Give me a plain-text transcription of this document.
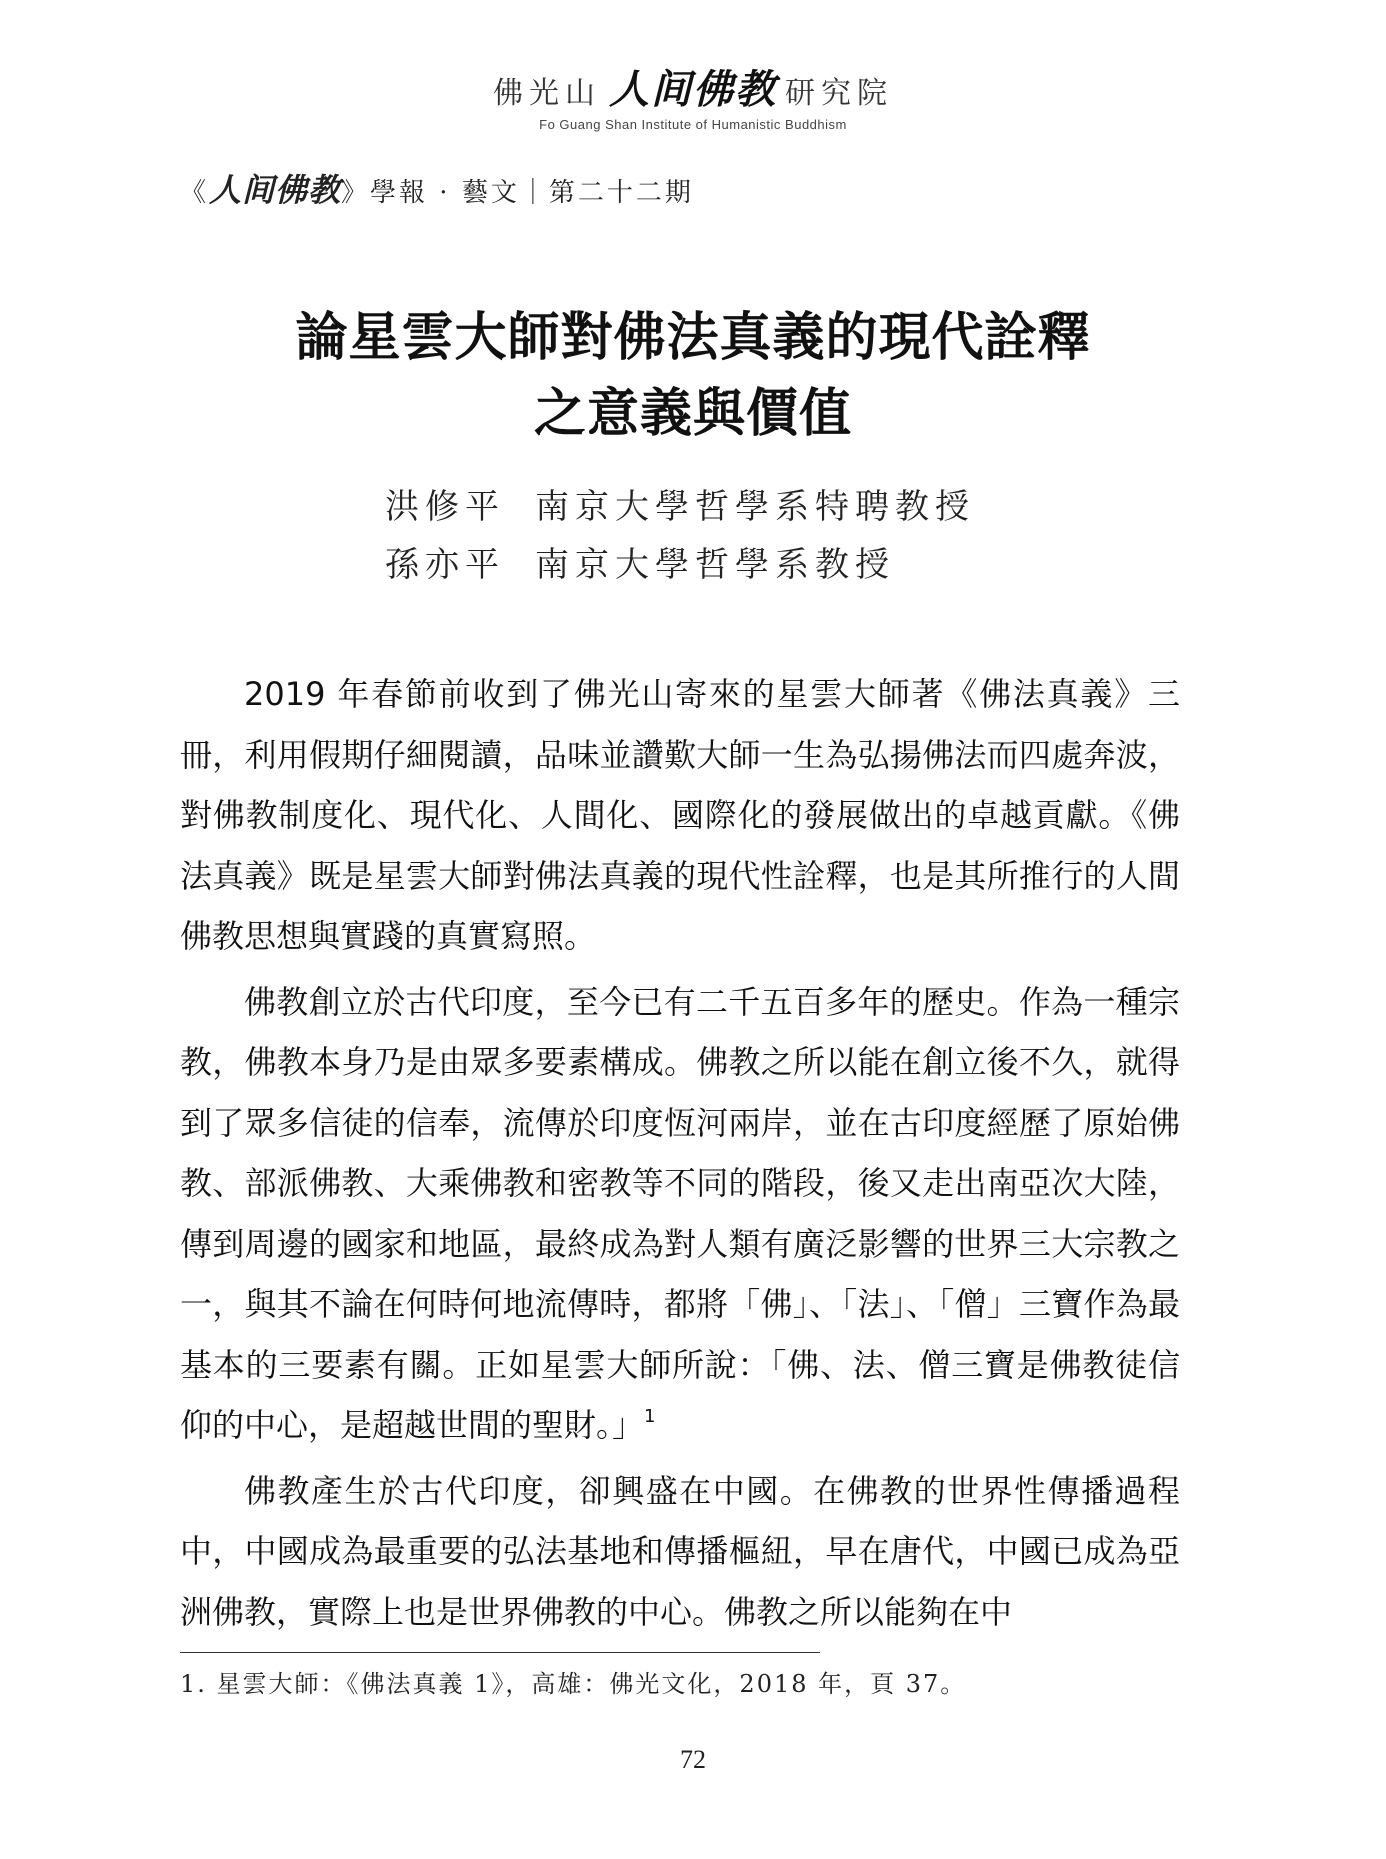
佛光山 人间佛教 研究院
Fo Guang Shan Institute of Humanistic Buddhism
《人间佛教》學報 · 藝文｜第二十二期
論星雲大師對佛法真義的現代詮釋
之意義與價值
洪修平 南京大學哲學系特聘教授
孫亦平 南京大學哲學系教授

2019 年春節前收到了佛光山寄來的星雲大師著《佛法真義》三冊，利用假期仔細閱讀，品味並讚歎大師一生為弘揚佛法而四處奔波，對佛教制度化、現代化、人間化、國際化的發展做出的卓越貢獻。《佛法真義》既是星雲大師對佛法真義的現代性詮釋，也是其所推行的人間佛教思想與實踐的真實寫照。

佛教創立於古代印度，至今已有二千五百多年的歷史。作為一種宗教，佛教本身乃是由眾多要素構成。佛教之所以能在創立後不久，就得到了眾多信徒的信奉，流傳於印度恆河兩岸，並在古印度經歷了原始佛教、部派佛教、大乘佛教和密教等不同的階段，後又走出南亞次大陸，傳到周邊的國家和地區，最終成為對人類有廣泛影響的世界三大宗教之一，與其不論在何時何地流傳時，都將「佛」、「法」、「僧」三寶作為最基本的三要素有關。正如星雲大師所說：「佛、法、僧三寶是佛教徒信仰的中心，是超越世間的聖財。」$^1$

佛教產生於古代印度，卻興盛在中國。在佛教的世界性傳播過程中，中國成為最重要的弘法基地和傳播樞紐，早在唐代，中國已成為亞洲佛教，實際上也是世界佛教的中心。佛教之所以能夠在中

1. 星雲大師：《佛法真義 1》，高雄：佛光文化，2018 年，頁 37。
72
